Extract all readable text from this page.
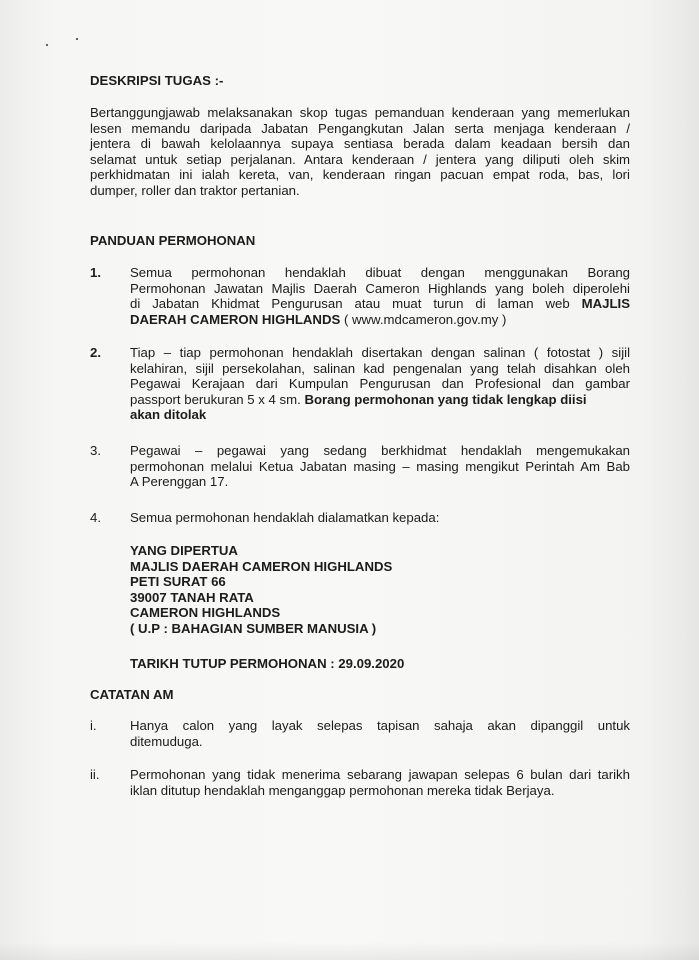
DESKRIPSI TUGAS :-
Bertanggungjawab melaksanakan skop tugas pemanduan kenderaan yang memerlukan
lesen memandu daripada Jabatan Pengangkutan Jalan serta menjaga kenderaan /
jentera di bawah kelolaannya supaya sentiasa berada dalam keadaan bersih dan
selamat untuk setiap perjalanan. Antara kenderaan / jentera yang diliputi oleh skim
perkhidmatan ini ialah kereta, van, kenderaan ringan pacuan empat roda, bas, lori
dumper, roller dan traktor pertanian.
PANDUAN PERMOHONAN
1.	Semua permohonan hendaklah dibuat dengan menggunakan Borang
Permohonan Jawatan Majlis Daerah Cameron Highlands yang boleh diperolehi
di Jabatan Khidmat Pengurusan atau muat turun di laman web MAJLIS
DAERAH CAMERON HIGHLANDS ( www.mdcameron.gov.my )
2.	Tiap – tiap permohonan hendaklah disertakan dengan salinan ( fotostat ) sijil
kelahiran, sijil persekolahan, salinan kad pengenalan yang telah disahkan oleh
Pegawai Kerajaan dari Kumpulan Pengurusan dan Profesional dan gambar
passport berukuran 5 x 4 sm. Borang permohonan yang tidak lengkap diisi
akan ditolak
3.	Pegawai – pegawai yang sedang berkhidmat hendaklah mengemukakan
permohonan melalui Ketua Jabatan masing – masing mengikut Perintah Am Bab
A Perenggan 17.
4.	Semua permohonan hendaklah dialamatkan kepada:
YANG DIPERTUA
MAJLIS DAERAH CAMERON HIGHLANDS
PETI SURAT 66
39007 TANAH RATA
CAMERON HIGHLANDS
( U.P : BAHAGIAN SUMBER MANUSIA )
TARIKH TUTUP PERMOHONAN : 29.09.2020
CATATAN AM
i.	Hanya calon yang layak selepas tapisan sahaja akan dipanggil untuk
ditemuduga.
ii.	Permohonan yang tidak menerima sebarang jawapan selepas 6 bulan dari tarikh
iklan ditutup hendaklah menganggap permohonan mereka tidak Berjaya.
